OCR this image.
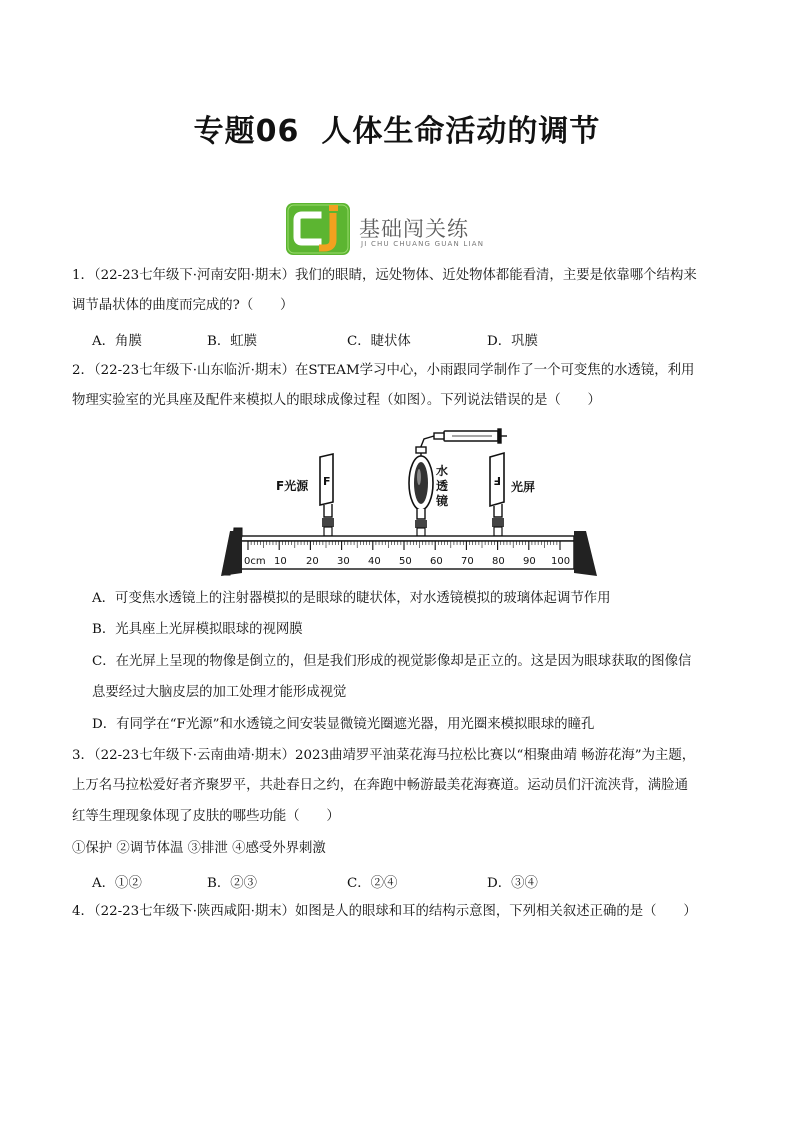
专题06 人体生命活动的调节
基础闯关练
JI CHU CHUANG GUAN LIAN
1．（22-23七年级下·河南安阳·期末）我们的眼睛，远处物体、近处物体都能看清，主要是依靠哪个结构来
调节晶状体的曲度而完成的?（　　）
A．角膜	B．虹膜	C．睫状体	D．巩膜
2．（22-23七年级下·山东临沂·期末）在STEAM学习中心，小雨跟同学制作了一个可变焦的水透镜，利用
物理实验室的光具座及配件来模拟人的眼球成像过程（如图）。下列说法错误的是（　　）
F	F
F光源
水
透
镜
光屏
0cm 10 20 30 40 50 60 70 80 90 100
A．可变焦水透镜上的注射器模拟的是眼球的睫状体，对水透镜模拟的玻璃体起调节作用
B．光具座上光屏模拟眼球的视网膜
C．在光屏上呈现的物像是倒立的，但是我们形成的视觉影像却是正立的。这是因为眼球获取的图像信
息要经过大脑皮层的加工处理才能形成视觉
D．有同学在“F光源”和水透镜之间安装显微镜光圈遮光器，用光圈来模拟眼球的瞳孔
3．（22-23七年级下·云南曲靖·期末）2023曲靖罗平油菜花海马拉松比赛以“相聚曲靖 畅游花海”为主题，
上万名马拉松爱好者齐聚罗平，共赴春日之约，在奔跑中畅游最美花海赛道。运动员们汗流浃背，满脸通
红等生理现象体现了皮肤的哪些功能（　　）
①保护 ②调节体温 ③排泄 ④感受外界刺激
A．①②	B．②③	C．②④	D．③④
4．（22-23七年级下·陕西咸阳·期末）如图是人的眼球和耳的结构示意图，下列相关叙述正确的是（　　）
